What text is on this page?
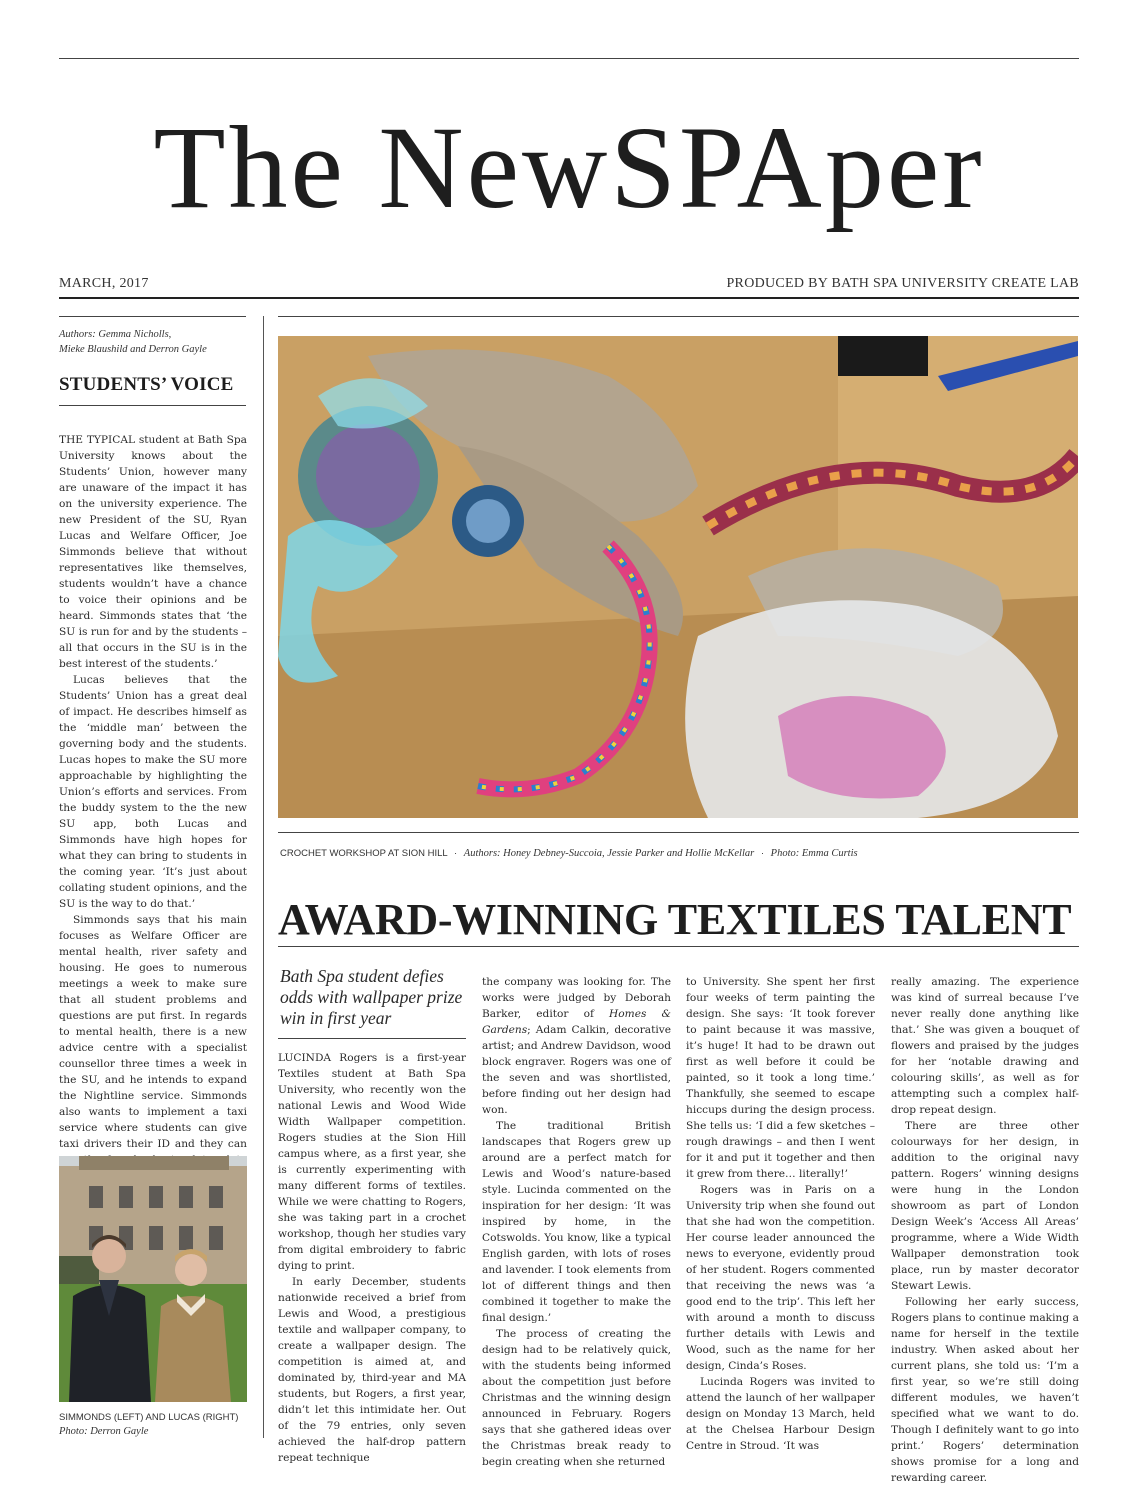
The NewSPAper
MARCH, 2017	PRODUCED BY BATH SPA UNIVERSITY CREATE LAB
Authors: Gemma Nicholls,
Mieke Blaushild and Derron Gayle
STUDENTS’ VOICE

THE TYPICAL student at Bath Spa University knows about the Students’ Union, however many are unaware of the impact it has on the university experience. The new President of the SU, Ryan Lucas and Welfare Officer, Joe Simmonds believe that without representatives like themselves, students wouldn’t have a chance to voice their opinions and be heard. Simmonds states that ‘the SU is run for and by the students – all that occurs in the SU is in the best interest of the students.’

Lucas believes that the Students’ Union has a great deal of impact. He describes himself as the ‘middle man’ between the governing body and the students. Lucas hopes to make the SU more approachable by highlighting the Union’s efforts and services. From the buddy system to the the new SU app, both Lucas and Simmonds have high hopes for what they can bring to students in the coming year. ‘It’s just about collating student opinions, and the SU is the way to do that.’

Simmonds says that his main focuses as Welfare Officer are mental health, river safety and housing. He goes to numerous meetings a week to make sure that all student problems and questions are put first. In regards to mental health, there is a new advice centre with a specialist counsellor three times a week in the SU, and he intends to expand the Nightline service. Simmonds also wants to implement a taxi service where students can give taxi drivers their ID and they can

SIMMONDS (LEFT) AND LUCAS (RIGHT)
Photo: Derron Gayle
CROCHET WORKSHOP AT SION HILL · Authors: Honey Debney-Succoia, Jessie Parker and Hollie McKellar · Photo: Emma Curtis
AWARD-WINNING TEXTILES TALENT
Bath Spa student defies odds with wallpaper prize win in first year

LUCINDA Rogers is a first-year Textiles student at Bath Spa University, who recently won the national Lewis and Wood Wide Width Wallpaper competition. Rogers studies at the Sion Hill campus where, as a first year, she is currently experimenting with many different forms of textiles. While we were chatting to Rogers, she was taking part in a crochet workshop, though her studies vary from digital embroidery to fabric dying to print.

In early December, students nationwide received a brief from Lewis and Wood, a prestigious textile and wallpaper company, to create a wallpaper design. The competition is aimed at, and dominated by, third-year and MA students, but Rogers, a first year, didn’t let this intimidate her. Out of the 79 entries, only seven achieved the half-drop pattern repeat technique

the company was looking for. The works were judged by Deborah Barker, editor of Homes & Gardens; Adam Calkin, decorative artist; and Andrew Davidson, wood block engraver. Rogers was one of the seven and was shortlisted, before finding out her design had won.

The traditional British landscapes that Rogers grew up around are a perfect match for Lewis and Wood’s nature-based style. Lucinda commented on the inspiration for her design: ‘It was inspired by home, in the Cotswolds. You know, like a typical English garden, with lots of roses and lavender. I took elements from lot of different things and then combined it together to make the final design.’

The process of creating the design had to be relatively quick, with the students being informed about the competition just before Christmas and the winning design announced in February. Rogers says that she gathered ideas over the Christmas break ready to begin creating when she returned

to University. She spent her first four weeks of term painting the design. She says: ‘It took forever to paint because it was massive, it’s huge! It had to be drawn out first as well before it could be painted, so it took a long time.’ Thankfully, she seemed to escape hiccups during the design process. She tells us: ‘I did a few sketches – rough drawings – and then I went for it and put it together and then it grew from there… literally!’

Rogers was in Paris on a University trip when she found out that she had won the competition. Her course leader announced the news to everyone, evidently proud of her student. Rogers commented that receiving the news was ‘a good end to the trip’. This left her with around a month to discuss further details with Lewis and Wood, such as the name for her design, Cinda’s Roses.

Lucinda Rogers was invited to attend the launch of her wallpaper design on Monday 13 March, held at the Chelsea Harbour Design Centre in Stroud. ‘It was

really amazing. The experience was kind of surreal because I’ve never really done anything like that.’ She was given a bouquet of flowers and praised by the judges for her ‘notable drawing and colouring skills’, as well as for attempting such a complex half-drop repeat design.

There are three other colourways for her design, in addition to the original navy pattern. Rogers’ winning designs were hung in the London showroom as part of London Design Week’s ‘Access All Areas’ programme, where a Wide Width Wallpaper demonstration took place, run by master decorator Stewart Lewis.

Following her early success, Rogers plans to continue making a name for herself in the textile industry. When asked about her current plans, she told us: ‘I’m a first year, so we’re still doing different modules, we haven’t specified what we want to do. Though I definitely want to go into print.’ Rogers’ determination shows promise for a long and rewarding career.
